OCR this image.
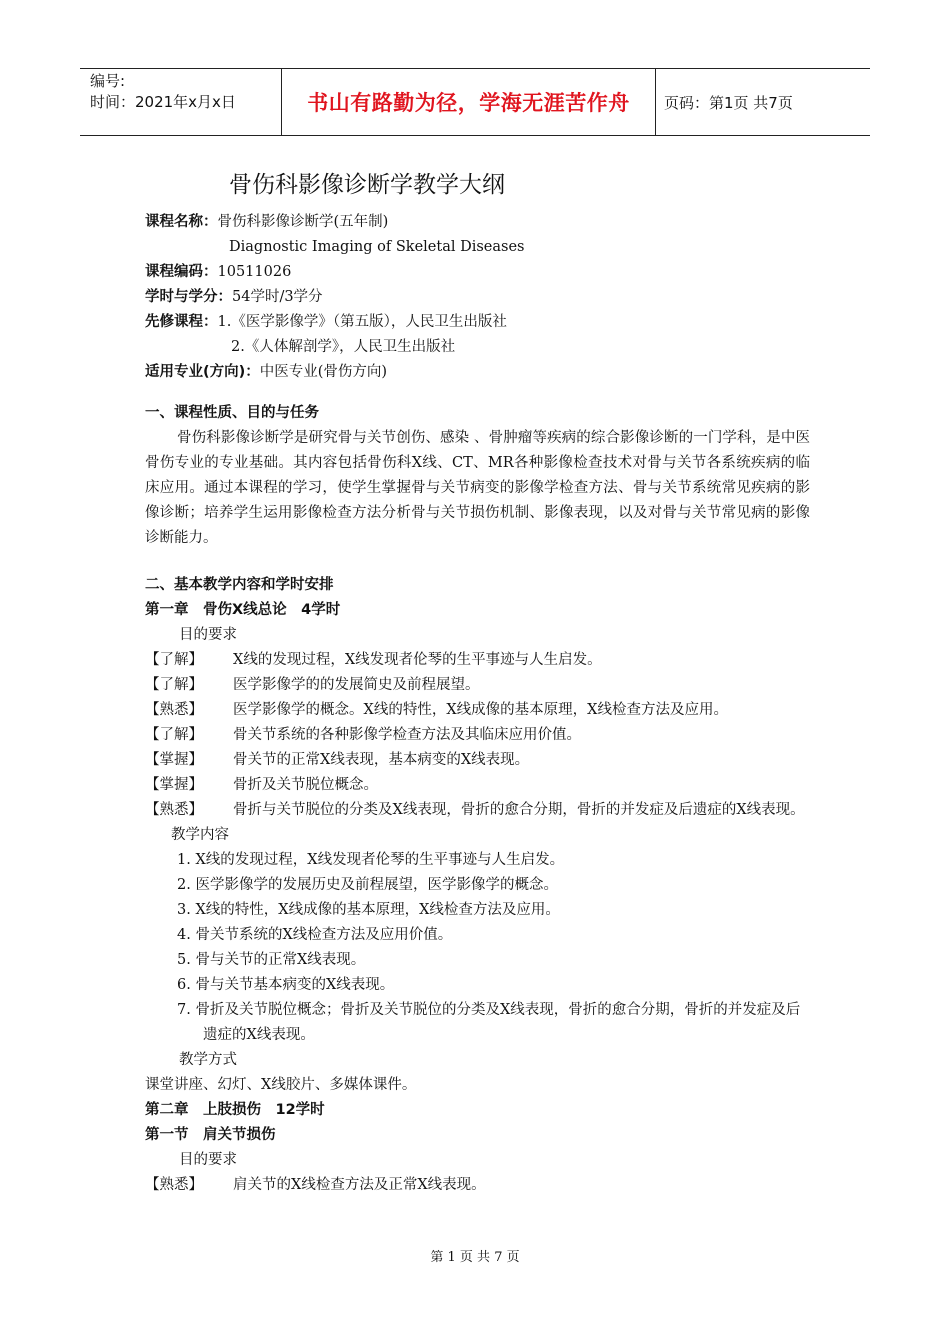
编号:
时间：2021年x月x日	书山有路勤为径，学海无涯苦作舟 页码：第1页 共7页
骨伤科影像诊断学教学大纲
课程名称：骨伤科影像诊断学(五年制)
Diagnostic Imaging of Skeletal Diseases
课程编码：10511026
学时与学分：54学时/3学分
先修课程：1.《医学影像学》（第五版），人民卫生出版社
2.《人体解剖学》，人民卫生出版社
适用专业(方向)：中医专业(骨伤方向)
一、课程性质、目的与任务

骨伤科影像诊断学是研究骨与关节创伤、感染 、骨肿瘤等疾病的综合影像诊断的一门学科，是中医骨伤专业的专业基础。其内容包括骨伤科X线、CT、MR各种影像检查技术对骨与关节各系统疾病的临床应用。通过本课程的学习，使学生掌握骨与关节病变的影像学检查方法、骨与关节系统常见疾病的影像诊断；培养学生运用影像检查方法分析骨与关节损伤机制、影像表现，以及对骨与关节常见病的影像诊断能力。

二、基本教学内容和学时安排
第一章　骨伤X线总论　4学时
目的要求
【了解】 X线的发现过程，X线发现者伦琴的生平事迹与人生启发。
【了解】 医学影像学的的发展简史及前程展望。
【熟悉】 医学影像学的概念。X线的特性，X线成像的基本原理，X线检查方法及应用。
【了解】 骨关节系统的各种影像学检查方法及其临床应用价值。
【掌握】 骨关节的正常X线表现，基本病变的X线表现。
【掌握】 骨折及关节脱位概念。
【熟悉】 骨折与关节脱位的分类及X线表现，骨折的愈合分期，骨折的并发症及后遗症的X线表现。
教学内容
1. X线的发现过程，X线发现者伦琴的生平事迹与人生启发。
2. 医学影像学的发展历史及前程展望，医学影像学的概念。
3. X线的特性，X线成像的基本原理，X线检查方法及应用。
4. 骨关节系统的X线检查方法及应用价值。
5. 骨与关节的正常X线表现。
6. 骨与关节基本病变的X线表现。
7. 骨折及关节脱位概念；骨折及关节脱位的分类及X线表现，骨折的愈合分期，骨折的并发症及后遗症的X线表现。
教学方式
课堂讲座、幻灯、X线胶片、多媒体课件。
第二章　上肢损伤　12学时
第一节　肩关节损伤
目的要求
【熟悉】 肩关节的X线检查方法及正常X线表现。
第 1 页 共 7 页
